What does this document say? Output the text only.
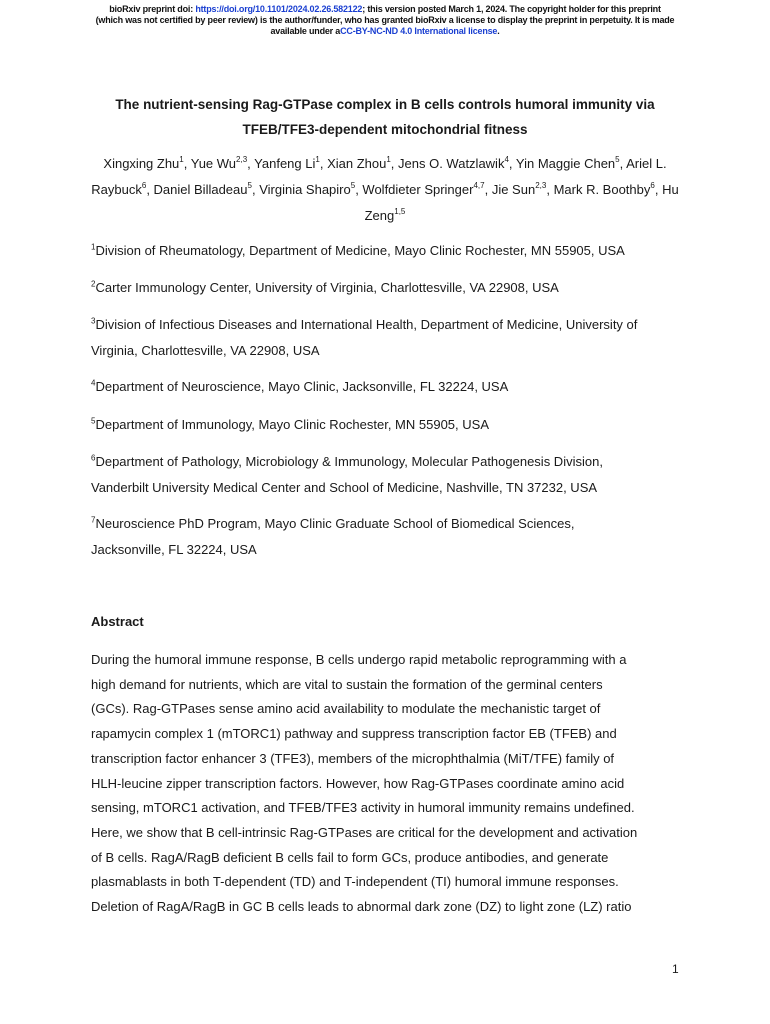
bioRxiv preprint doi: https://doi.org/10.1101/2024.02.26.582122; this version posted March 1, 2024. The copyright holder for this preprint
(which was not certified by peer review) is the author/funder, who has granted bioRxiv a license to display the preprint in perpetuity. It is made
available under aCC-BY-NC-ND 4.0 International license.
The nutrient-sensing Rag-GTPase complex in B cells controls humoral immunity via
TFEB/TFE3-dependent mitochondrial fitness
Xingxing Zhu$^1$, Yue Wu$^{2,3}$, Yanfeng Li$^1$, Xian Zhou$^1$, Jens O. Watzlawik$^4$, Yin Maggie Chen$^5$, Ariel L. Raybuck$^6$, Daniel Billadeau$^5$, Virginia Shapiro$^5$, Wolfdieter Springer$^{4,7}$, Jie Sun$^{2,3}$, Mark R. Boothby$^6$, Hu Zeng$^{1,5}$
$^1$Division of Rheumatology, Department of Medicine, Mayo Clinic Rochester, MN 55905, USA
$^2$Carter Immunology Center, University of Virginia, Charlottesville, VA 22908, USA
$^3$Division of Infectious Diseases and International Health, Department of Medicine, University of
Virginia, Charlottesville, VA 22908, USA
$^4$Department of Neuroscience, Mayo Clinic, Jacksonville, FL 32224, USA
$^5$Department of Immunology, Mayo Clinic Rochester, MN 55905, USA
$^6$Department of Pathology, Microbiology & Immunology, Molecular Pathogenesis Division,
Vanderbilt University Medical Center and School of Medicine, Nashville, TN 37232, USA
$^7$Neuroscience PhD Program, Mayo Clinic Graduate School of Biomedical Sciences,
Jacksonville, FL 32224, USA
Abstract
During the humoral immune response, B cells undergo rapid metabolic reprogramming with a
high demand for nutrients, which are vital to sustain the formation of the germinal centers
(GCs). Rag-GTPases sense amino acid availability to modulate the mechanistic target of
rapamycin complex 1 (mTORC1) pathway and suppress transcription factor EB (TFEB) and
transcription factor enhancer 3 (TFE3), members of the microphthalmia (MiT/TFE) family of
HLH-leucine zipper transcription factors. However, how Rag-GTPases coordinate amino acid
sensing, mTORC1 activation, and TFEB/TFE3 activity in humoral immunity remains undefined.
Here, we show that B cell-intrinsic Rag-GTPases are critical for the development and activation
of B cells. RagA/RagB deficient B cells fail to form GCs, produce antibodies, and generate
plasmablasts in both T-dependent (TD) and T-independent (TI) humoral immune responses.
Deletion of RagA/RagB in GC B cells leads to abnormal dark zone (DZ) to light zone (LZ) ratio
1
